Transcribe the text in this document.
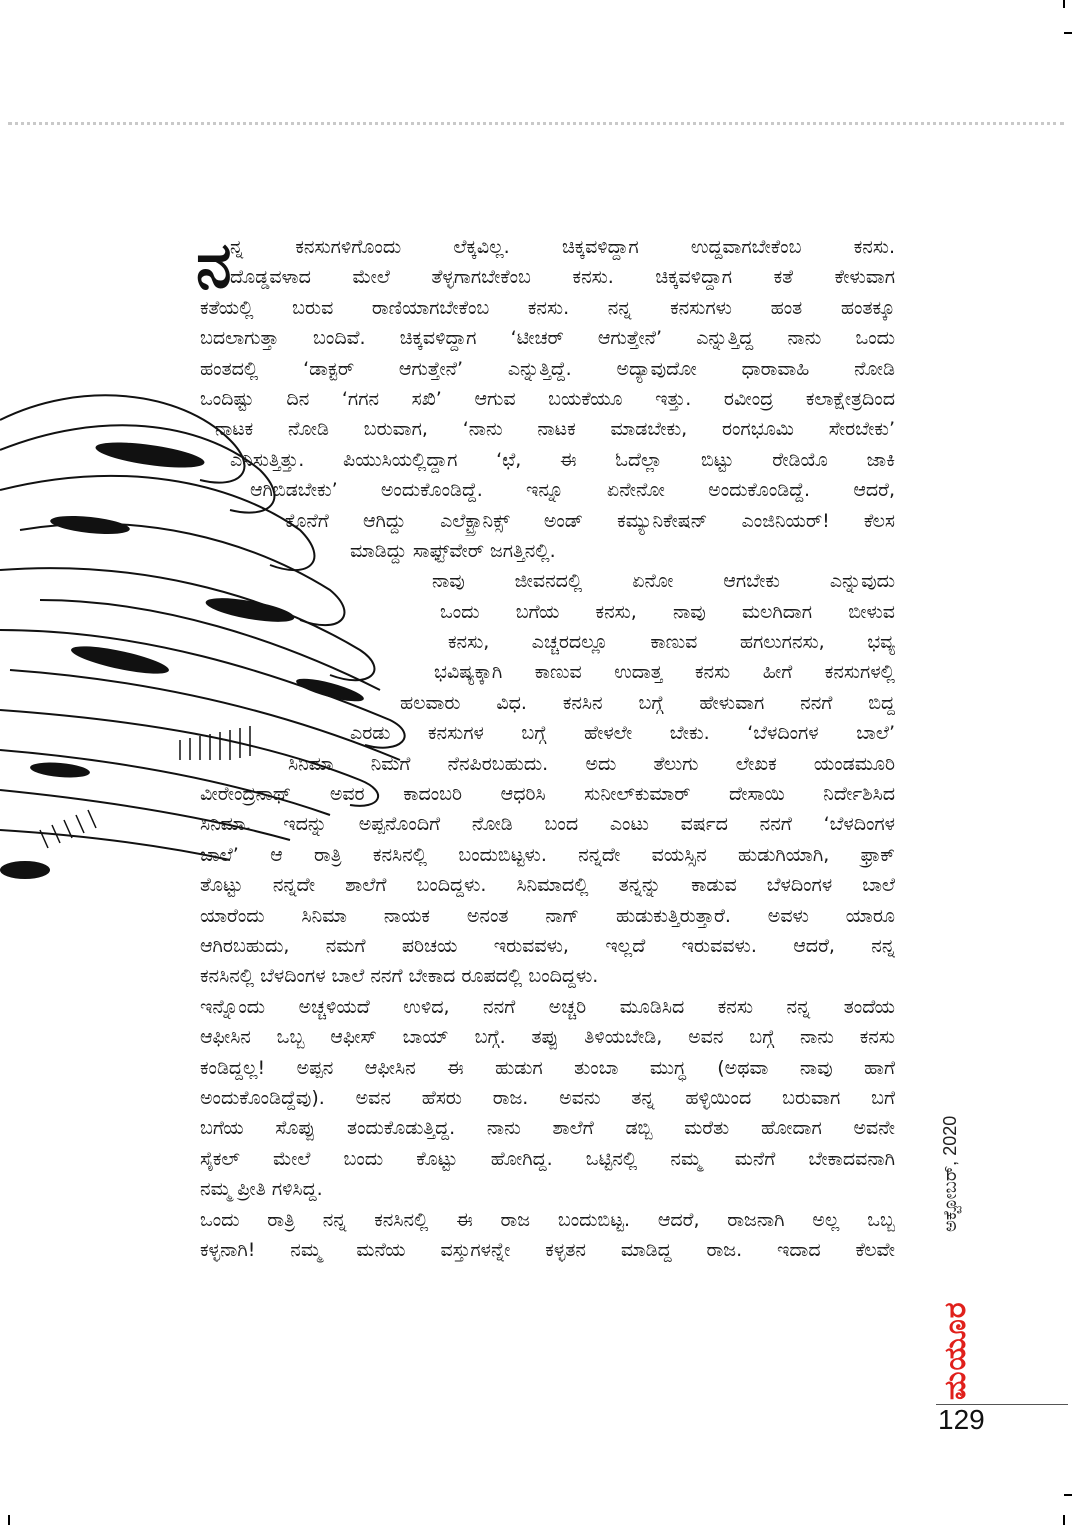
ನ
ನ್ನ ಕನಸುಗಳಿಗೊಂದು ಲೆಕ್ಕವಿಲ್ಲ. ಚಿಕ್ಕವಳಿದ್ದಾಗ ಉದ್ದವಾಗಬೇಕೆಂಬ ಕನಸು.
ದೊಡ್ಡವಳಾದ ಮೇಲೆ ತೆಳ್ಳಗಾಗಬೇಕೆಂಬ ಕನಸು. ಚಿಕ್ಕವಳಿದ್ದಾಗ ಕತೆ ಕೇಳುವಾಗ
ಕತೆಯಲ್ಲಿ ಬರುವ ರಾಣಿಯಾಗಬೇಕೆಂಬ ಕನಸು. ನನ್ನ ಕನಸುಗಳು ಹಂತ ಹಂತಕ್ಕೂ
ಬದಲಾಗುತ್ತಾ ಬಂದಿವೆ. ಚಿಕ್ಕವಳಿದ್ದಾಗ ‘ಟೀಚರ್ ಆಗುತ್ತೇನೆ’ ಎನ್ನುತ್ತಿದ್ದ ನಾನು ಒಂದು
ಹಂತದಲ್ಲಿ ‘ಡಾಕ್ಟರ್ ಆಗುತ್ತೇನೆ’ ಎನ್ನುತ್ತಿದ್ದೆ. ಅದ್ಯಾವುದೋ ಧಾರಾವಾಹಿ ನೋಡಿ
ಒಂದಿಷ್ಟು ದಿನ ‘ಗಗನ ಸಖಿ’ ಆಗುವ ಬಯಕೆಯೂ ಇತ್ತು. ರವೀಂದ್ರ ಕಲಾಕ್ಷೇತ್ರದಿಂದ
ನಾಟಕ ನೋಡಿ ಬರುವಾಗ, ‘ನಾನು ನಾಟಕ ಮಾಡಬೇಕು, ರಂಗಭೂಮಿ ಸೇರಬೇಕು’
ಎನಿಸುತ್ತಿತ್ತು. ಪಿಯುಸಿಯಲ್ಲಿದ್ದಾಗ ‘ಛೆ, ಈ ಓದೆಲ್ಲಾ ಬಿಟ್ಟು ರೇಡಿಯೊ ಜಾಕಿ
ಆಗಿಬಿಡಬೇಕು’ ಅಂದುಕೊಂಡಿದ್ದೆ. ಇನ್ನೂ ಏನೇನೋ ಅಂದುಕೊಂಡಿದ್ದೆ. ಆದರೆ,
ಕೊನೆಗೆ ಆಗಿದ್ದು ಎಲೆಕ್ಟ್ರಾನಿಕ್ಸ್ ಅಂಡ್ ಕಮ್ಯುನಿಕೇಷನ್ ಎಂಜಿನಿಯರ್! ಕೆಲಸ
ಮಾಡಿದ್ದು ಸಾಫ್ಟ್‌ವೇರ್ ಜಗತ್ತಿನಲ್ಲಿ.
ನಾವು ಜೀವನದಲ್ಲಿ ಏನೋ ಆಗಬೇಕು ಎನ್ನುವುದು
ಒಂದು ಬಗೆಯ ಕನಸು, ನಾವು ಮಲಗಿದಾಗ ಬೀಳುವ
ಕನಸು, ಎಚ್ಚರದಲ್ಲೂ ಕಾಣುವ ಹಗಲುಗನಸು, ಭವ್ಯ
ಭವಿಷ್ಯಕ್ಕಾಗಿ ಕಾಣುವ ಉದಾತ್ತ ಕನಸು ಹೀಗೆ ಕನಸುಗಳಲ್ಲಿ
ಹಲವಾರು ವಿಧ. ಕನಸಿನ ಬಗ್ಗೆ ಹೇಳುವಾಗ ನನಗೆ ಬಿದ್ದ
ಎರಡು ಕನಸುಗಳ ಬಗ್ಗೆ ಹೇಳಲೇ ಬೇಕು. ‘ಬೆಳದಿಂಗಳ ಬಾಲೆ’
ಸಿನಿಮಾ ನಿಮಗೆ ನೆನಪಿರಬಹುದು. ಅದು ತೆಲುಗು ಲೇಖಕ ಯಂಡಮೂರಿ
ವೀರೇಂದ್ರನಾಥ್ ಅವರ ಕಾದಂಬರಿ ಆಧರಿಸಿ ಸುನೀಲ್‌ಕುಮಾರ್ ದೇಸಾಯಿ ನಿರ್ದೇಶಿಸಿದ
ಸಿನಿಮಾ. ಇದನ್ನು ಅಪ್ಪನೊಂದಿಗೆ ನೋಡಿ ಬಂದ ಎಂಟು ವರ್ಷದ ನನಗೆ ‘ಬೆಳದಿಂಗಳ
ಬಾಲೆ’ ಆ ರಾತ್ರಿ ಕನಸಿನಲ್ಲಿ ಬಂದುಬಿಟ್ಟಳು. ನನ್ನದೇ ವಯಸ್ಸಿನ ಹುಡುಗಿಯಾಗಿ, ಫ್ರಾಕ್
ತೊಟ್ಟು ನನ್ನದೇ ಶಾಲೆಗೆ ಬಂದಿದ್ದಳು. ಸಿನಿಮಾದಲ್ಲಿ ತನ್ನನ್ನು ಕಾಡುವ ಬೆಳದಿಂಗಳ ಬಾಲೆ
ಯಾರೆಂದು ಸಿನಿಮಾ ನಾಯಕ ಅನಂತ ನಾಗ್ ಹುಡುಕುತ್ತಿರುತ್ತಾರೆ. ಅವಳು ಯಾರೂ
ಆಗಿರಬಹುದು, ನಮಗೆ ಪರಿಚಯ ಇರುವವಳು, ಇಲ್ಲದೆ ಇರುವವಳು. ಆದರೆ, ನನ್ನ
ಕನಸಿನಲ್ಲಿ ಬೆಳದಿಂಗಳ ಬಾಲೆ ನನಗೆ ಬೇಕಾದ ರೂಪದಲ್ಲಿ ಬಂದಿದ್ದಳು.
ಇನ್ನೊಂದು ಅಚ್ಚಳಿಯದೆ ಉಳಿದ, ನನಗೆ ಅಚ್ಚರಿ ಮೂಡಿಸಿದ ಕನಸು ನನ್ನ ತಂದೆಯ
ಆಫೀಸಿನ ಒಬ್ಬ ಆಫೀಸ್ ಬಾಯ್ ಬಗ್ಗೆ. ತಪ್ಪು ತಿಳಿಯಬೇಡಿ, ಅವನ ಬಗ್ಗೆ ನಾನು ಕನಸು
ಕಂಡಿದ್ದಲ್ಲ! ಅಪ್ಪನ ಆಫೀಸಿನ ಈ ಹುಡುಗ ತುಂಬಾ ಮುಗ್ಧ (ಅಥವಾ ನಾವು ಹಾಗೆ
ಅಂದುಕೊಂಡಿದ್ದೆವು). ಅವನ ಹೆಸರು ರಾಜ. ಅವನು ತನ್ನ ಹಳ್ಳಿಯಿಂದ ಬರುವಾಗ ಬಗೆ
ಬಗೆಯ ಸೊಪ್ಪು ತಂದುಕೊಡುತ್ತಿದ್ದ. ನಾನು ಶಾಲೆಗೆ ಡಬ್ಬಿ ಮರೆತು ಹೋದಾಗ ಅವನೇ
ಸೈಕಲ್ ಮೇಲೆ ಬಂದು ಕೊಟ್ಟು ಹೋಗಿದ್ದ. ಒಟ್ಟಿನಲ್ಲಿ ನಮ್ಮ ಮನೆಗೆ ಬೇಕಾದವನಾಗಿ
ನಮ್ಮ ಪ್ರೀತಿ ಗಳಿಸಿದ್ದ.
ಒಂದು ರಾತ್ರಿ ನನ್ನ ಕನಸಿನಲ್ಲಿ ಈ ರಾಜ ಬಂದುಬಿಟ್ಟ. ಆದರೆ, ರಾಜನಾಗಿ ಅಲ್ಲ ಒಬ್ಬ
ಕಳ್ಳನಾಗಿ! ನಮ್ಮ ಮನೆಯ ವಸ್ತುಗಳನ್ನೇ ಕಳ್ಳತನ ಮಾಡಿದ್ದ ರಾಜ. ಇದಾದ ಕೆಲವೇ
ಅಕ್ಟೋಬರ್, 2020
ಮಯೂರ
129
